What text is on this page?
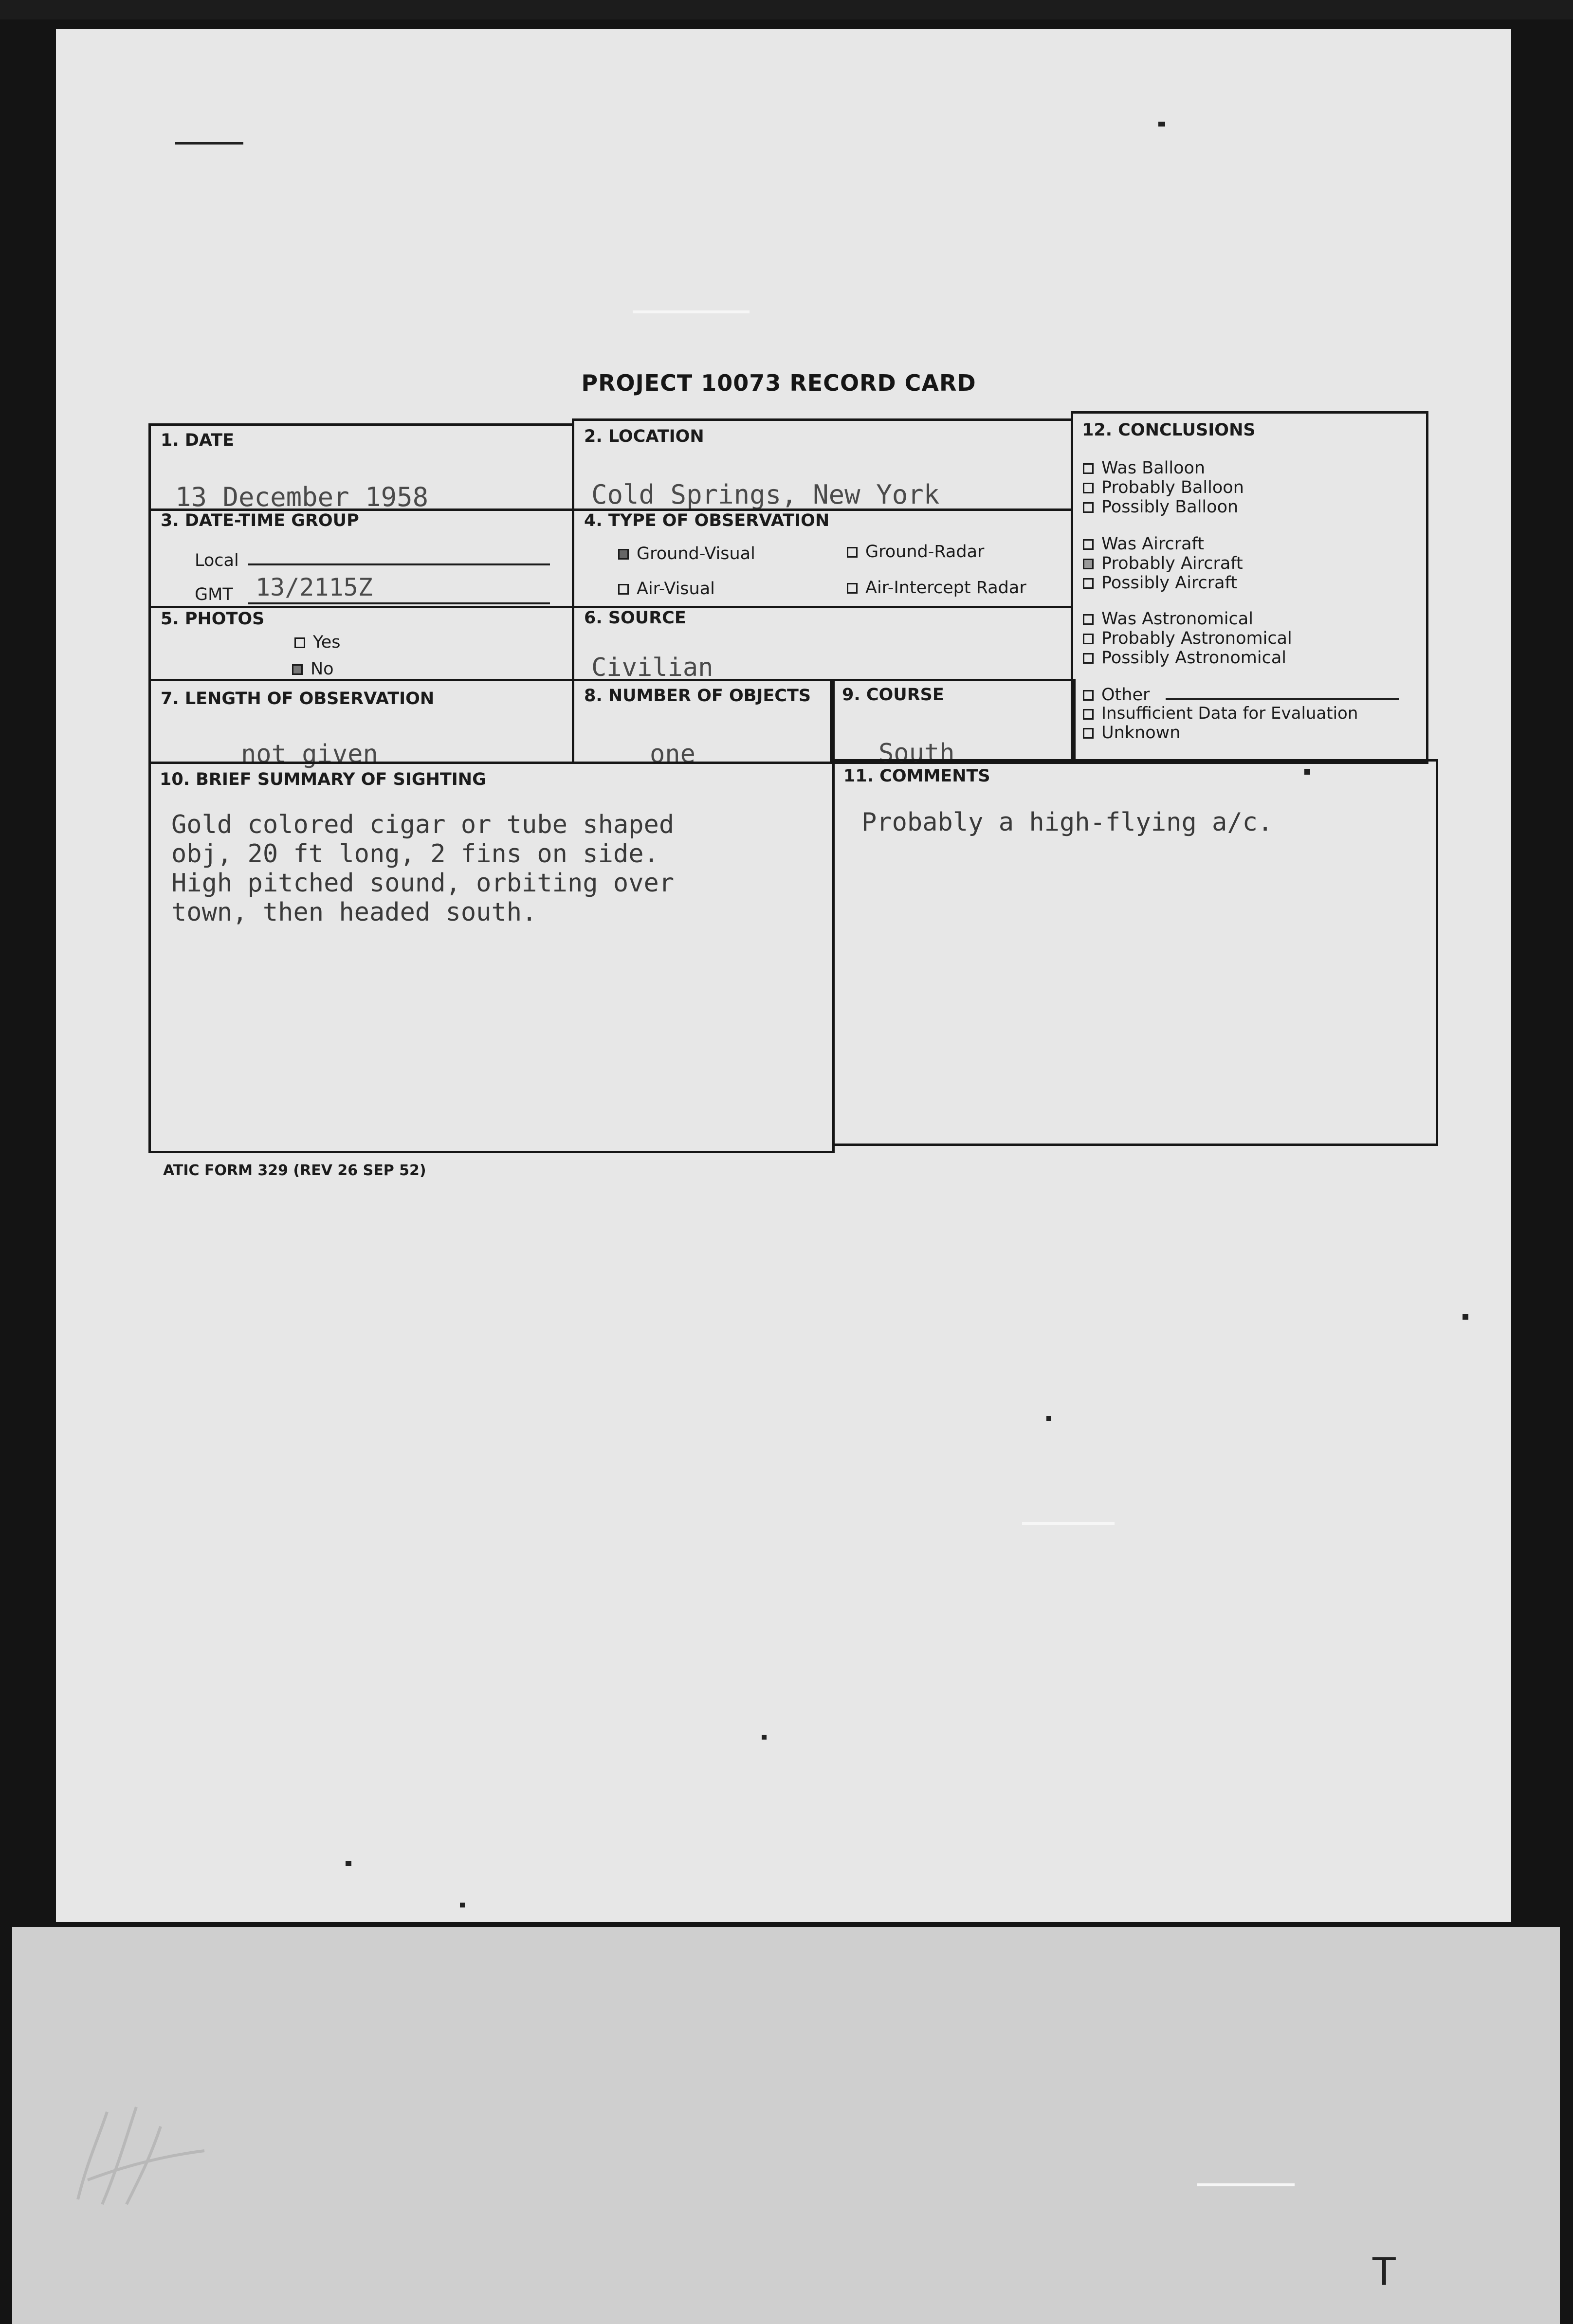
PROJECT 10073 RECORD CARD
1. DATE
13 December 1958
2. LOCATION
Cold Springs, New York
3. DATE-TIME GROUP
Local
GMT 13/2115Z
4. TYPE OF OBSERVATION
Ground-Visual	Ground-Radar
Air-Visual	Air-Intercept Radar
5. PHOTOS
Yes
No
6. SOURCE
Civilian
7. LENGTH OF OBSERVATION
not given
8. NUMBER OF OBJECTS
one
9. COURSE
South
12. CONCLUSIONS
Was Balloon
Probably Balloon
Possibly Balloon
Was Aircraft
Probably Aircraft
Possibly Aircraft
Was Astronomical
Probably Astronomical
Possibly Astronomical
Other
Insufficient Data for Evaluation
Unknown
10. BRIEF SUMMARY OF SIGHTING
Gold colored cigar or tube shaped
obj, 20 ft long, 2 fins on side.
High pitched sound, orbiting over
town, then headed south.
11. COMMENTS
Probably a high-flying a/c.
ATIC FORM 329 (REV 26 SEP 52)
T
